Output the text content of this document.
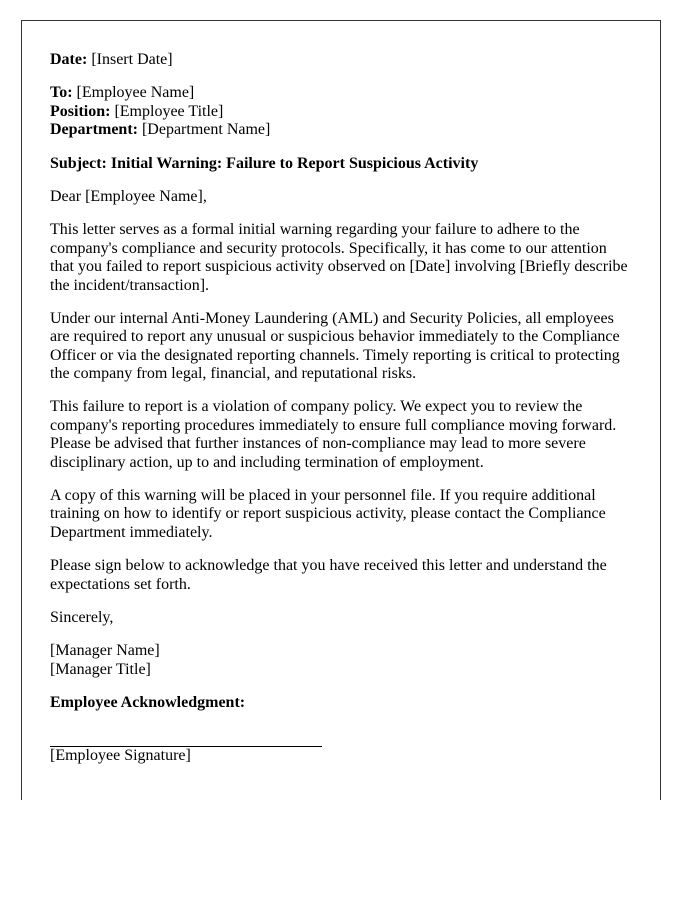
Date: [Insert Date]

To: [Employee Name]
Position: [Employee Title]
Department: [Department Name]

Subject: Initial Warning: Failure to Report Suspicious Activity

Dear [Employee Name],

This letter serves as a formal initial warning regarding your failure to adhere to the company's compliance and security protocols. Specifically, it has come to our attention that you failed to report suspicious activity observed on [Date] involving [Briefly describe the incident/transaction].

Under our internal Anti-Money Laundering (AML) and Security Policies, all employees are required to report any unusual or suspicious behavior immediately to the Compliance Officer or via the designated reporting channels. Timely reporting is critical to protecting the company from legal, financial, and reputational risks.

This failure to report is a violation of company policy. We expect you to review the company's reporting procedures immediately to ensure full compliance moving forward. Please be advised that further instances of non-compliance may lead to more severe disciplinary action, up to and including termination of employment.

A copy of this warning will be placed in your personnel file. If you require additional training on how to identify or report suspicious activity, please contact the Compliance Department immediately.

Please sign below to acknowledge that you have received this letter and understand the expectations set forth.

Sincerely,

[Manager Name]
[Manager Title]

Employee Acknowledgment:

[Employee Signature]
